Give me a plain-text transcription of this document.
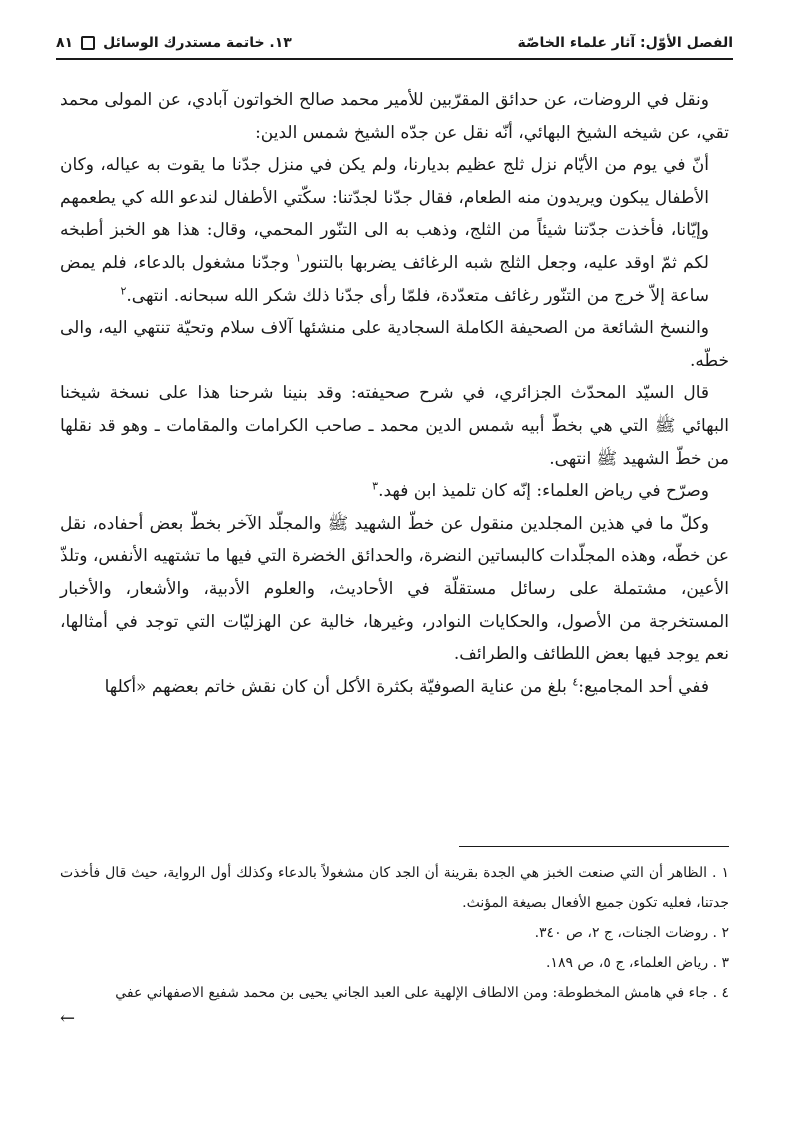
الفصل الأوّل: آثار علماء الخاصّة
١٣. خاتمة مستدرك الوسائل
٨١

ونقل في الروضات، عن حدائق المقرّبين للأمير محمد صالح الخواتون آبادي، عن المولى محمد تقي، عن شيخه الشيخ البهائي، أنّه نقل عن جدّه الشيخ شمس الدين:

أنّ في يوم من الأيّام نزل ثلج عظيم بديارنا، ولم يكن في منزل جدّنا ما يقوت به عياله، وكان الأطفال يبكون ويريدون منه الطعام، فقال جدّنا لجدّتنا: سكّتي الأطفال لندعو الله كي يطعمهم وإيّانا، فأخذت جدّتنا شيئاً من الثلج، وذهب به الى التنّور المحمي، وقال: هذا هو الخبز أطبخه لكم ثمّ اوقد عليه، وجعل الثلج شبه الرغائف يضربها بالتنور$^١$ وجدّنا مشغول بالدعاء، فلم يمض ساعة إلاّ خرج من التنّور رغائف متعدّدة، فلمّا رأى جدّنا ذلك شكر الله سبحانه. انتهى.$^٢$

والنسخ الشائعة من الصحيفة الكاملة السجادية على منشئها آلاف سلام وتحيّة تنتهي اليه، والى خطّه.

قال السيّد المحدّث الجزائري، في شرح صحيفته: وقد بنينا شرحنا هذا على نسخة شيخنا البهائي ﷺ التي هي بخطّ أبيه شمس الدين محمد ـ صاحب الكرامات والمقامات ـ وهو قد نقلها من خطّ الشهيد ﷺ انتهى.

وصرّح في رياض العلماء: إنّه كان تلميذ ابن فهد.$^٣$

وكلّ ما في هذين المجلدين منقول عن خطّ الشهيد ﷺ والمجلّد الآخر بخطّ بعض أحفاده، نقل عن خطّه، وهذه المجلّدات كالبساتين النضرة، والحدائق الخضرة التي فيها ما تشتهيه الأنفس، وتلذّ الأعين، مشتملة على رسائل مستقلّة في الأحاديث، والعلوم الأدبية، والأشعار، والأخبار المستخرجة من الأصول، والحكايات النوادر، وغيرها، خالية عن الهزليّات التي توجد في أمثالها، نعم يوجد فيها بعض اللطائف والطرائف.

ففي أحد المجاميع:$^٤$ بلغ من عناية الصوفيّة بكثرة الأكل أن كان نقش خاتم بعضهم «أكلها

١ . الظاهر أن التي صنعت الخبز هي الجدة بقرينة أن الجد كان مشغولاً بالدعاء وكذلك أول الرواية، حيث قال فأخذت جدتنا، فعليه تكون جميع الأفعال بصيغة المؤنث.

٢ . روضات الجنات، ج ٢، ص ٣٤٠.

٣ . رياض العلماء، ج ٥، ص ١٨٩.

٤ . جاء في هامش المخطوطة: ومن الالطاف الإلهية على العبد الجاني يحيى بن محمد شفيع الاصفهاني عفي

←
